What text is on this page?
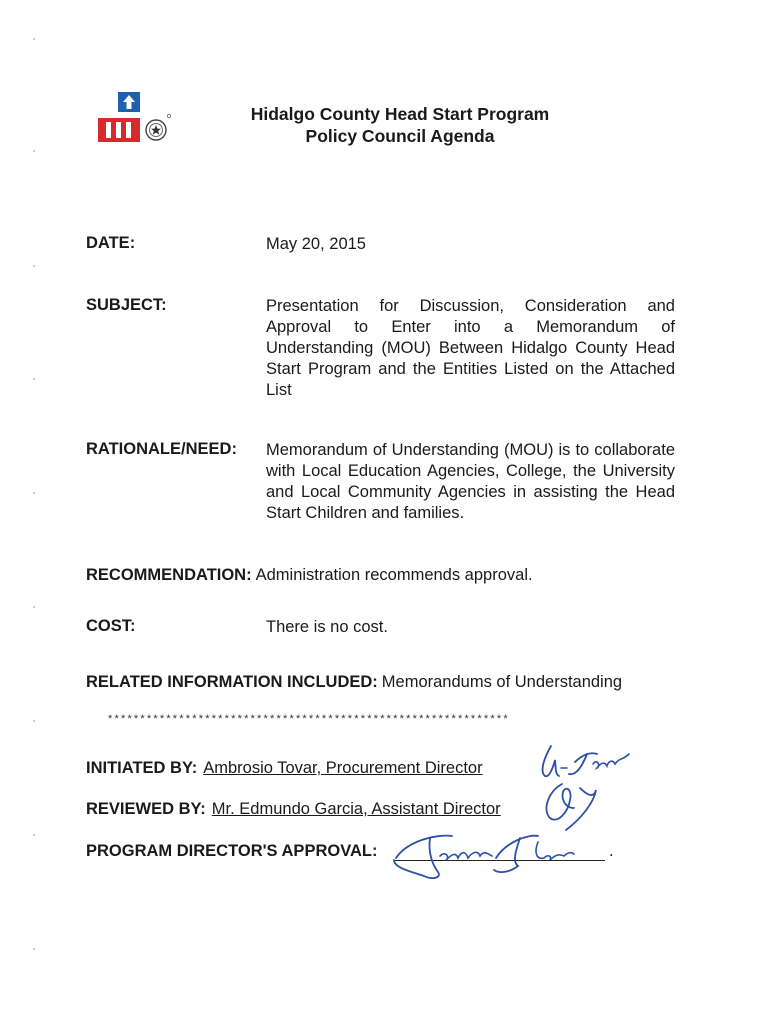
Hidalgo County Head Start Program
Policy Council Agenda
DATE:	May 20, 2015
SUBJECT:	Presentation for Discussion, Consideration and Approval to Enter into a Memorandum of Understanding (MOU) Between Hidalgo County Head Start Program and the Entities Listed on the Attached List
RATIONALE/NEED: Memorandum of Understanding (MOU) is to collaborate with Local Education Agencies, College, the University and Local Community Agencies in assisting the Head Start Children and families.
RECOMMENDATION: Administration recommends approval.
COST:	There is no cost.
RELATED INFORMATION INCLUDED: Memorandums of Understanding
**************************************************************
INITIATED BY: Ambrosio Tovar, Procurement Director
REVIEWED BY: Mr. Edmundo Garcia, Assistant Director
PROGRAM DIRECTOR'S APPROVAL:	.
